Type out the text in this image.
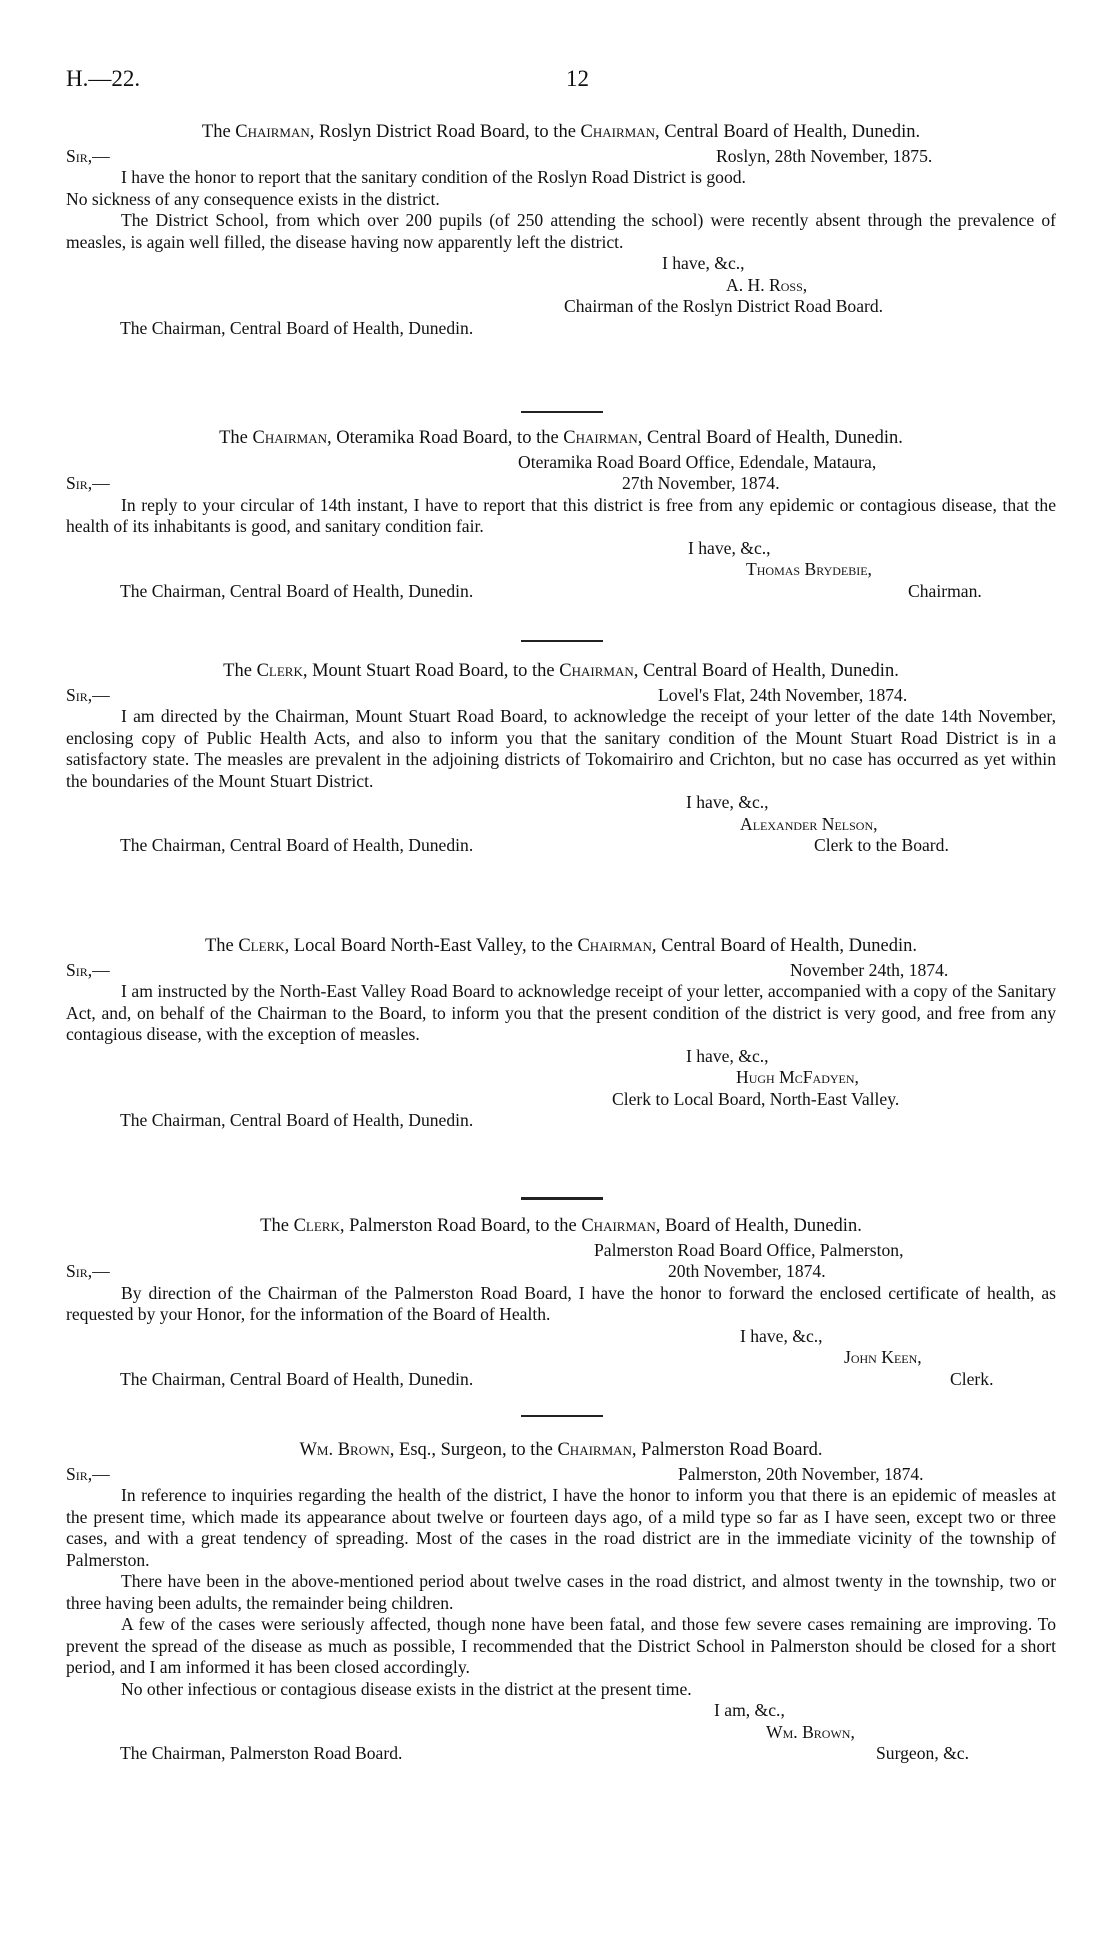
H.—22.	12
The Chairman, Roslyn District Road Board, to the Chairman, Central Board of Health, Dunedin.
Sir,—	Roslyn, 28th November, 1875.

I have the honor to report that the sanitary condition of the Roslyn Road District is good.

No sickness of any consequence exists in the district.

The District School, from which over 200 pupils (of 250 attending the school) were recently absent through the prevalence of measles, is again well filled, the disease having now apparently left the district.

I have, &c.,
A. H. Ross,
Chairman of the Roslyn District Road Board.
The Chairman, Central Board of Health, Dunedin.
The Chairman, Oteramika Road Board, to the Chairman, Central Board of Health, Dunedin.
Oteramika Road Board Office, Edendale, Mataura,
Sir,—	27th November, 1874.

In reply to your circular of 14th instant, I have to report that this district is free from any epidemic or contagious disease, that the health of its inhabitants is good, and sanitary condition fair.

I have, &c.,
Thomas Brydebie,
The Chairman, Central Board of Health, Dunedin.	Chairman.
The Clerk, Mount Stuart Road Board, to the Chairman, Central Board of Health, Dunedin.
Sir,—	Lovel's Flat, 24th November, 1874.

I am directed by the Chairman, Mount Stuart Road Board, to acknowledge the receipt of your letter of the date 14th November, enclosing copy of Public Health Acts, and also to inform you that the sanitary condition of the Mount Stuart Road District is in a satisfactory state. The measles are prevalent in the adjoining districts of Tokomairiro and Crichton, but no case has occurred as yet within the boundaries of the Mount Stuart District.

I have, &c.,
Alexander Nelson,
The Chairman, Central Board of Health, Dunedin.	Clerk to the Board.
The Clerk, Local Board North-East Valley, to the Chairman, Central Board of Health, Dunedin.
Sir,—	November 24th, 1874.

I am instructed by the North-East Valley Road Board to acknowledge receipt of your letter, accompanied with a copy of the Sanitary Act, and, on behalf of the Chairman to the Board, to inform you that the present condition of the district is very good, and free from any contagious disease, with the exception of measles.

I have, &c.,
Hugh McFadyen,
Clerk to Local Board, North-East Valley.
The Chairman, Central Board of Health, Dunedin.
The Clerk, Palmerston Road Board, to the Chairman, Board of Health, Dunedin.
Palmerston Road Board Office, Palmerston,
Sir,—	20th November, 1874.

By direction of the Chairman of the Palmerston Road Board, I have the honor to forward the enclosed certificate of health, as requested by your Honor, for the information of the Board of Health.

I have, &c.,
John Keen,
The Chairman, Central Board of Health, Dunedin.	Clerk.
Wm. Brown, Esq., Surgeon, to the Chairman, Palmerston Road Board.
Sir,—	Palmerston, 20th November, 1874.

In reference to inquiries regarding the health of the district, I have the honor to inform you that there is an epidemic of measles at the present time, which made its appearance about twelve or fourteen days ago, of a mild type so far as I have seen, except two or three cases, and with a great tendency of spreading. Most of the cases in the road district are in the immediate vicinity of the township of Palmerston.

There have been in the above-mentioned period about twelve cases in the road district, and almost twenty in the township, two or three having been adults, the remainder being children.

A few of the cases were seriously affected, though none have been fatal, and those few severe cases remaining are improving. To prevent the spread of the disease as much as possible, I recommended that the District School in Palmerston should be closed for a short period, and I am informed it has been closed accordingly.

No other infectious or contagious disease exists in the district at the present time.

I am, &c.,
Wm. Brown,
The Chairman, Palmerston Road Board.	Surgeon, &c.
